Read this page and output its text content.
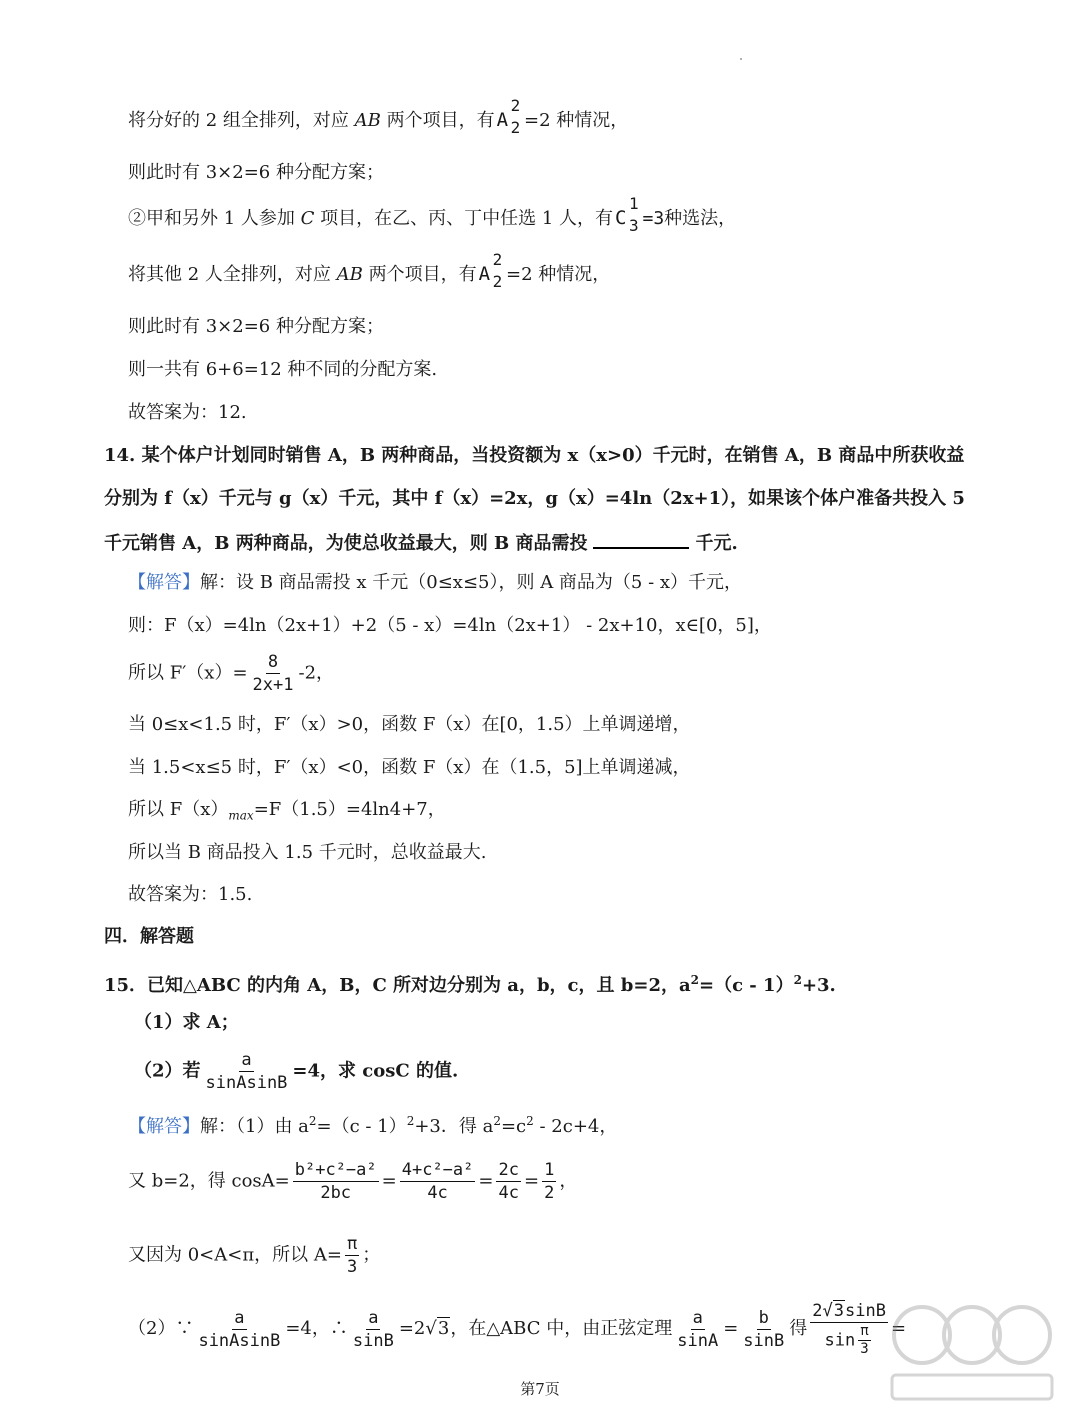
将分好的 2 组全排列，对应 AB 两个项目，有 A
2
2 =2 种情况，
则此时有 3×2=6 种分配方案；
②甲和另外 1 人参加 C 项目，在乙、丙、丁中任选 1 人，有 C
1
3 =3种选法，
将其他 2 人全排列，对应 AB 两个项目，有 A
2
2 =2 种情况，
则此时有 3×2=6 种分配方案；
则一共有 6+6=12 种不同的分配方案.
故答案为：12.
14. 某个体户计划同时销售 A，B 两种商品，当投资额为 x（x>0）千元时，在销售 A，B 商品中所获收益
分别为 f（x）千元与 g（x）千元，其中 f（x）=2x，g（x）=4ln（2x+1），如果该个体户准备共投入 5
千元销售 A，B 两种商品，为使总收益最大，则 B 商品需投	千元.
【解答】解：设 B 商品需投 x 千元（0≤x≤5），则 A 商品为（5 - x）千元，
则：F（x）=4ln（2x+1）+2（5 - x）=4ln（2x+1） - 2x+10，x∈[0，5]，
所以 $F'(x)= \frac{8}{2x+1} -2$，
当 0≤x<1.5 时，F′（x）>0，函数 F（x）在[0，1.5）上单调递增，
当 1.5<x≤5 时，F′（x）<0，函数 F（x）在（1.5，5]上单调递减，
所以 $F(x)_{max}=F(1.5)=4\ln 4+7$，
所以当 B 商品投入 1.5 千元时，总收益最大.
故答案为：1.5.
四．解答题
15．已知△ABC 的内角 A，B，C 所对边分别为 a，b，c，且 b=2，$a^2=(c - 1)^2+3$.
（1）求 A；
（2）若 $\frac{a}{\text{sinAsinB}} =4$，求 cosC 的值.
【解答】解：（1）由 $a^2=(c - 1)^2+3$．得 $a^2=c^2 - 2c+4$，
又 b=2，得 $\cos A= \frac{\text{b²+c²−a²}}{2bc} = \frac{\text{4+c²−a²}}{4c} = \frac{2c}{4c} = \frac{1}{2}$ ，
又因为 0<A<π，所以 $A= \frac{\pi}{3}$ ；
（2）∵ $\frac{a}{\text{sinAsinB}} =4$，∴ $\frac{a}{\sin B} =2√3$，在△ABC 中，由正弦定理 $\frac{a}{\sin A} = \frac{b}{\sin B}$ 得 $\frac{2√3\sin B}{\sin \frac{\pi}{3}}$ =
第7页
